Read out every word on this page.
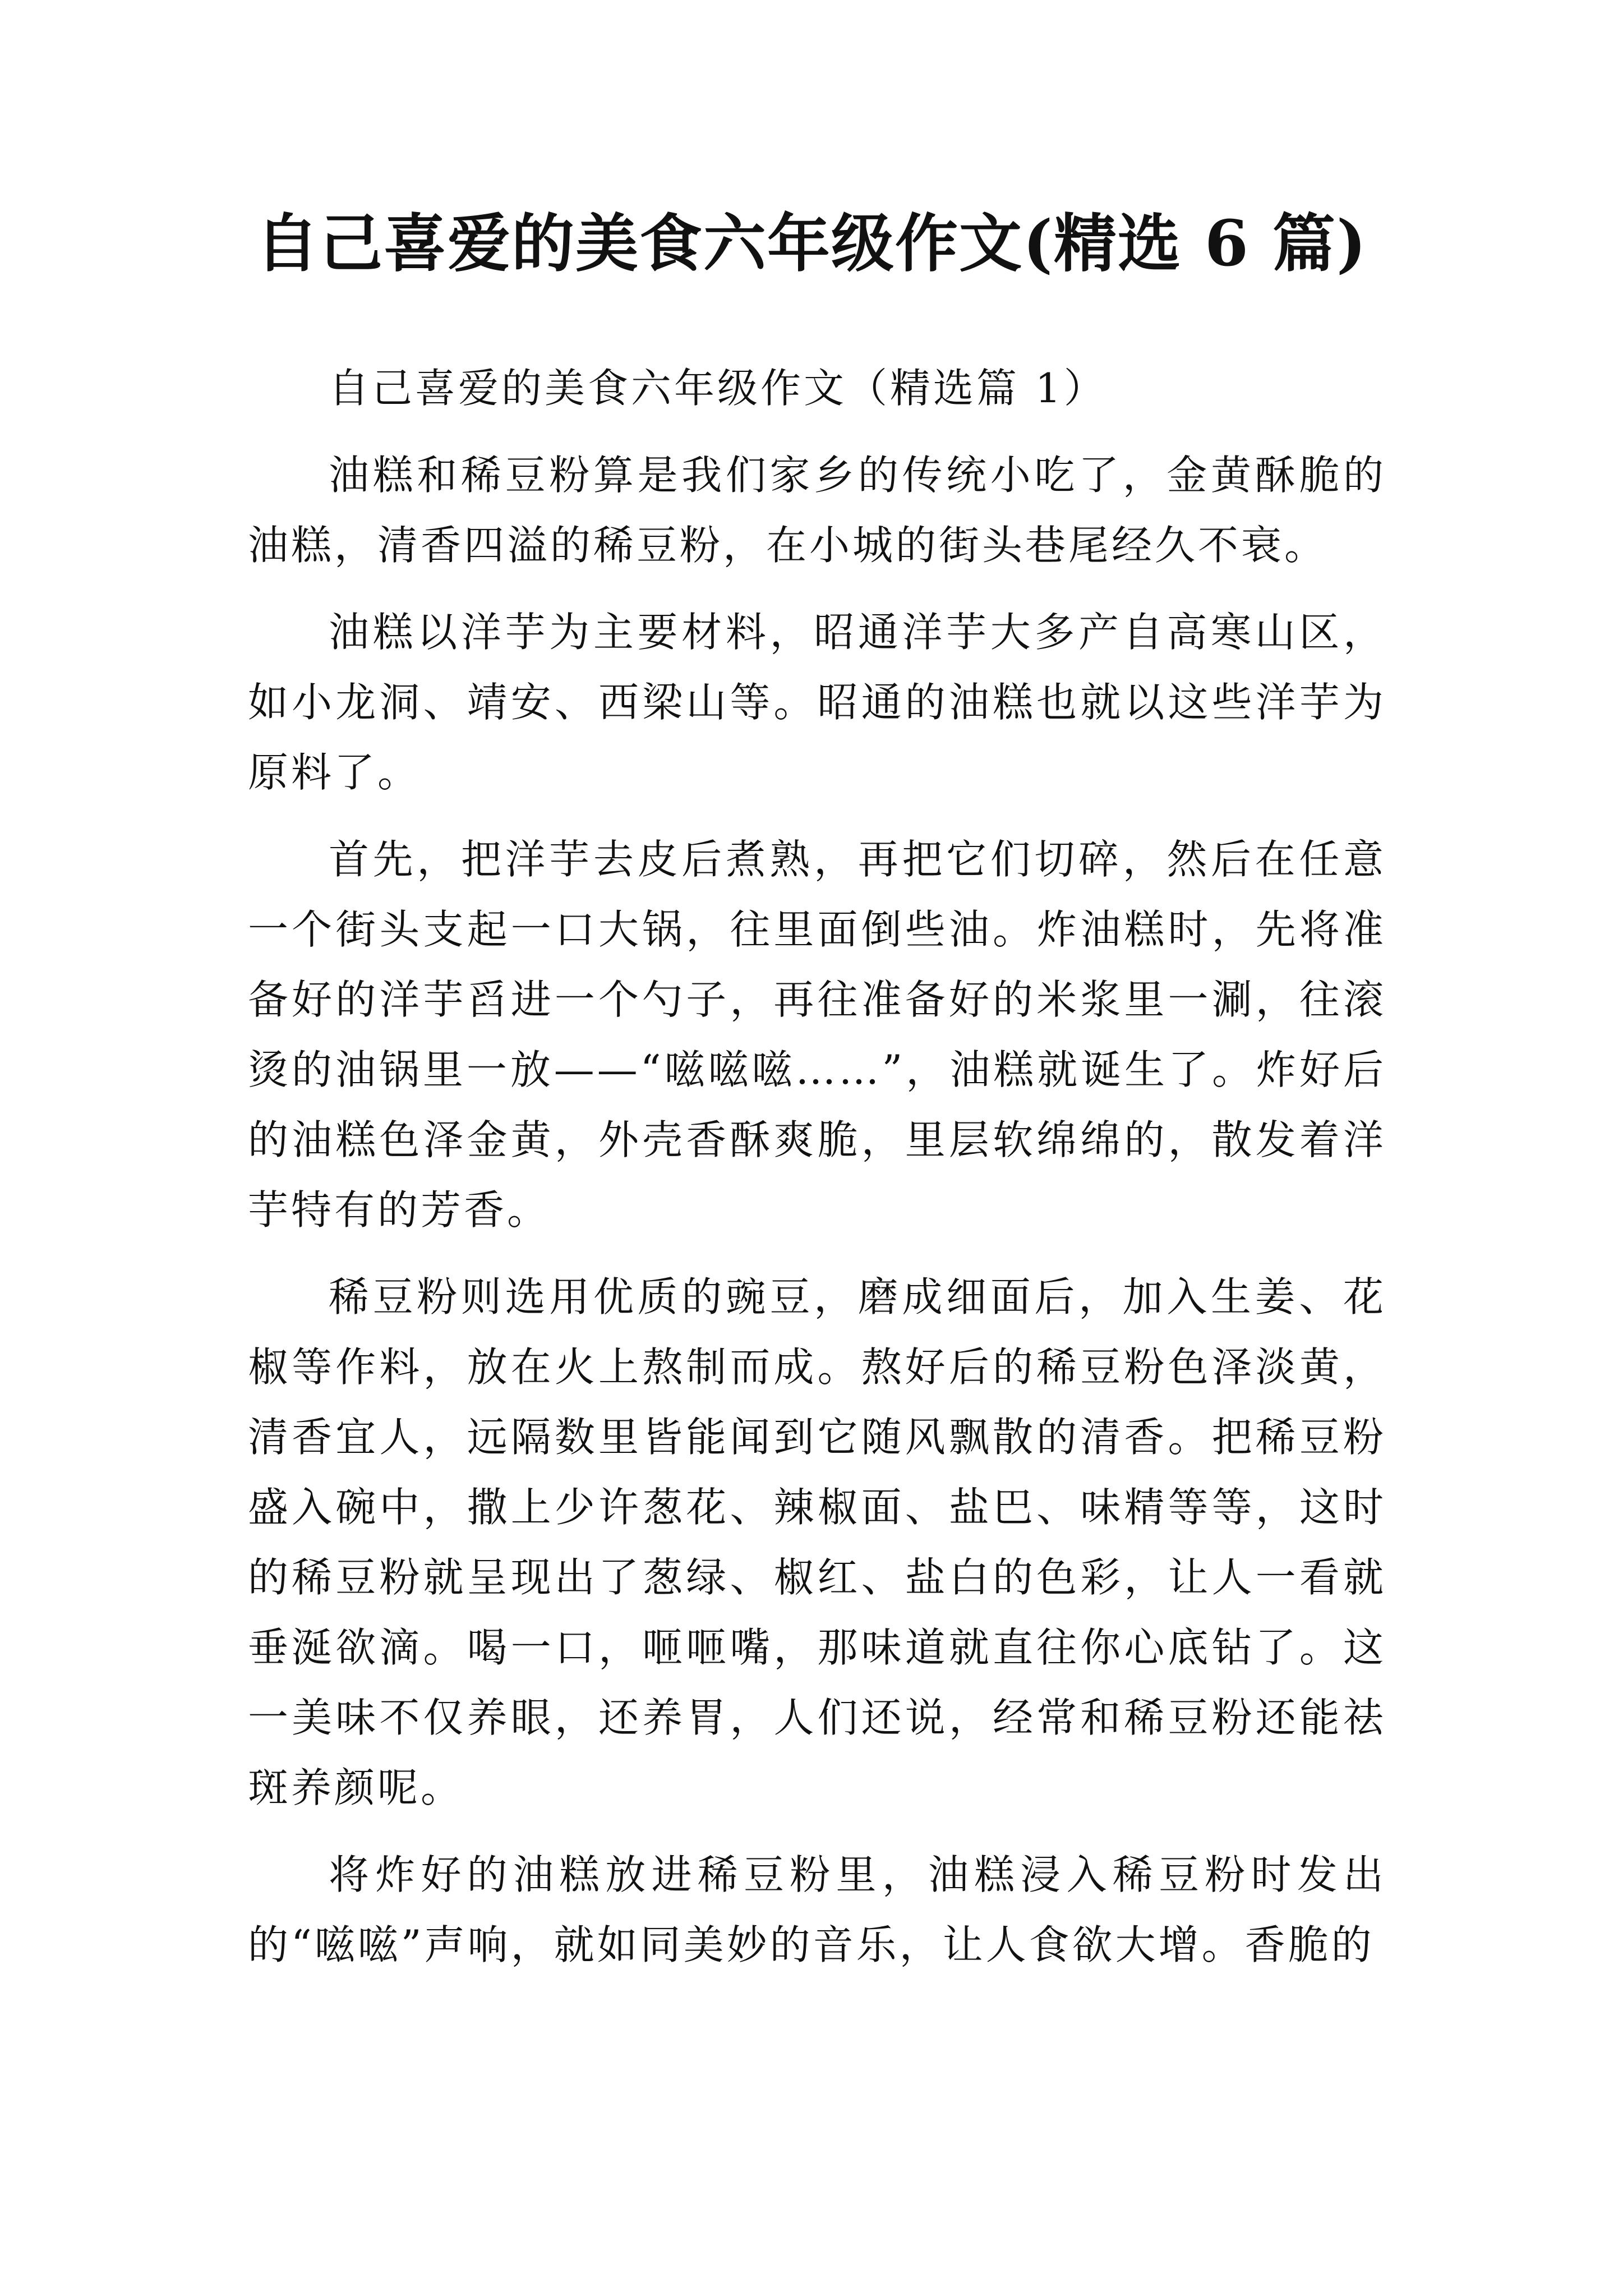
自己喜爱的美食六年级作文(精选 6 篇)

自己喜爱的美食六年级作文（精选篇 1）

油糕和稀豆粉算是我们家乡的传统小吃了，金黄酥脆的油糕，清香四溢的稀豆粉，在小城的街头巷尾经久不衰。

油糕以洋芋为主要材料，昭通洋芋大多产自高寒山区，如小龙洞、靖安、西梁山等。昭通的油糕也就以这些洋芋为原料了。

首先，把洋芋去皮后煮熟，再把它们切碎，然后在任意一个街头支起一口大锅，往里面倒些油。炸油糕时，先将准备好的洋芋舀进一个勺子，再往准备好的米浆里一涮，往滚烫的油锅里一放——“嗞嗞嗞……”，油糕就诞生了。炸好后的油糕色泽金黄，外壳香酥爽脆，里层软绵绵的，散发着洋芋特有的芳香。

稀豆粉则选用优质的豌豆，磨成细面后，加入生姜、花椒等作料，放在火上熬制而成。熬好后的稀豆粉色泽淡黄，清香宜人，远隔数里皆能闻到它随风飘散的清香。把稀豆粉盛入碗中，撒上少许葱花、辣椒面、盐巴、味精等等，这时的稀豆粉就呈现出了葱绿、椒红、盐白的色彩，让人一看就垂涎欲滴。喝一口，咂咂嘴，那味道就直往你心底钻了。这一美味不仅养眼，还养胃，人们还说，经常和稀豆粉还能祛斑养颜呢。

将炸好的油糕放进稀豆粉里，油糕浸入稀豆粉时发出的“嗞嗞”声响，就如同美妙的音乐，让人食欲大增。香脆的
